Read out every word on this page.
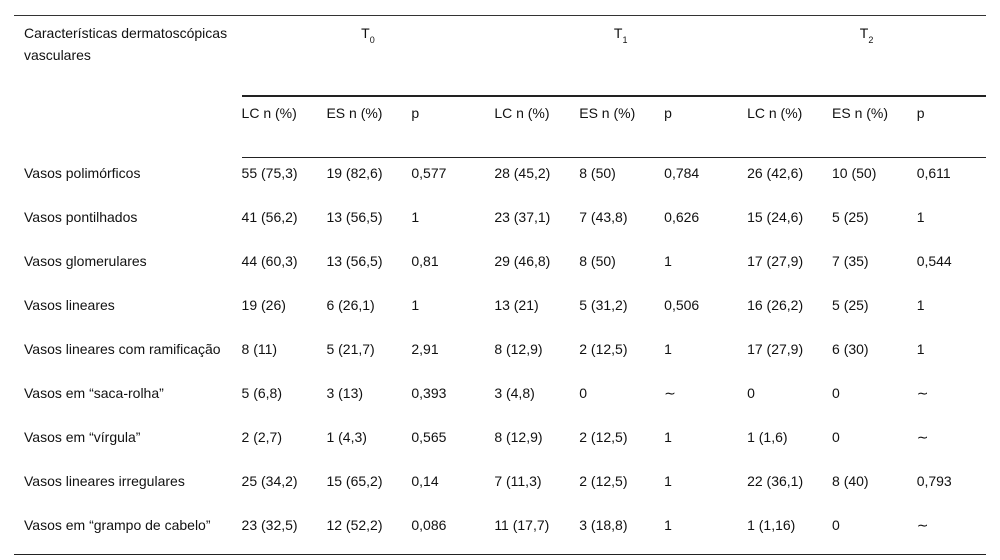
Características dermatoscópicas vasculares	$T_0$			$T_1$			$T_2$
	LC n (%)	ES n (%)	p	LC n (%)	ES n (%)	p	LC n (%)	ES n (%)	p
Vasos polimórficos	55 (75,3)	19 (82,6)	0,577	28 (45,2)	8 (50)	0,784	26 (42,6)	10 (50)	0,611
Vasos pontilhados	41 (56,2)	13 (56,5)	1	23 (37,1)	7 (43,8)	0,626	15 (24,6)	5 (25)	1
Vasos glomerulares	44 (60,3)	13 (56,5)	0,81	29 (46,8)	8 (50)	1	17 (27,9)	7 (35)	0,544
Vasos lineares	19 (26)	6 (26,1)	1	13 (21)	5 (31,2)	0,506	16 (26,2)	5 (25)	1
Vasos lineares com ramificação	8 (11)	5 (21,7)	2,91	8 (12,9)	2 (12,5)	1	17 (27,9)	6 (30)	1
Vasos em “saca-rolha”	5 (6,8)	3 (13)	0,393	3 (4,8)	0	∼	0	0	∼
Vasos em “vírgula”	2 (2,7)	1 (4,3)	0,565	8 (12,9)	2 (12,5)	1	1 (1,6)	0	∼
Vasos lineares irregulares	25 (34,2)	15 (65,2)	0,14	7 (11,3)	2 (12,5)	1	22 (36,1)	8 (40)	0,793
Vasos em “grampo de cabelo”	23 (32,5)	12 (52,2)	0,086	11 (17,7)	3 (18,8)	1	1 (1,16)	0	∼
